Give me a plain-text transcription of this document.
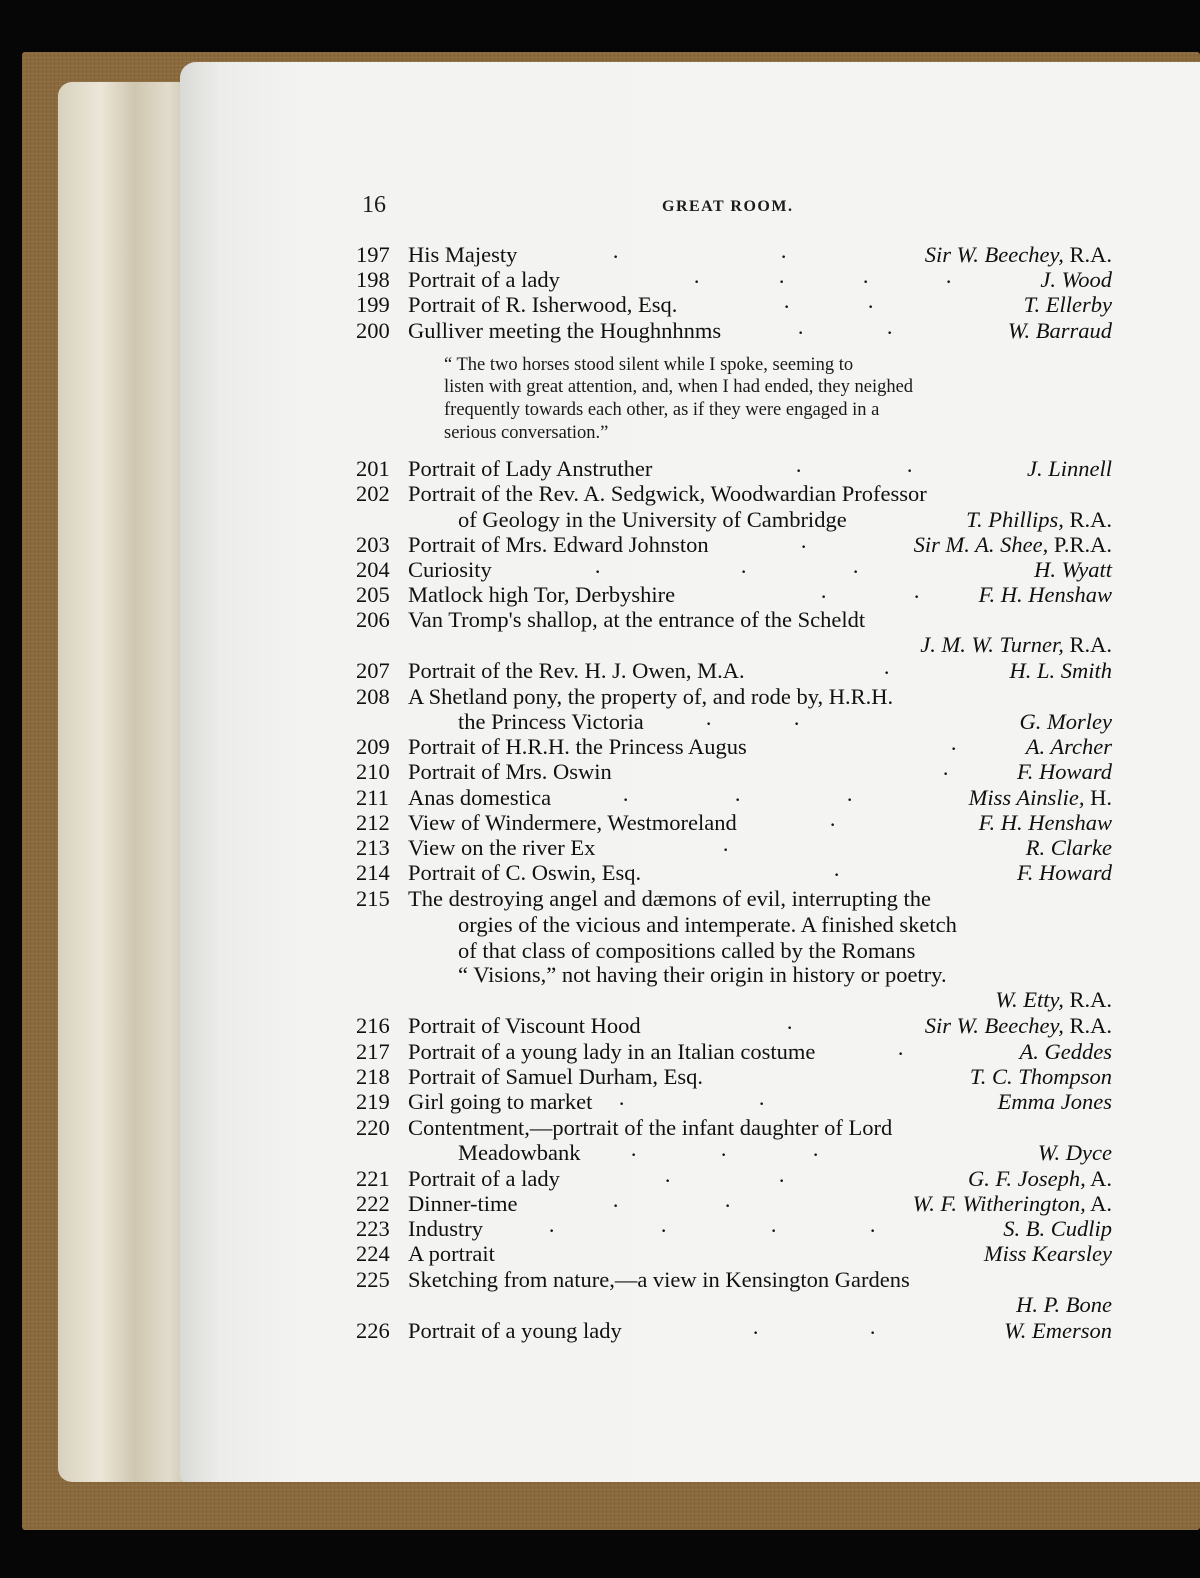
16	GREAT ROOM.
197 His Majesty	Sir W. Beechey, R.A.
198 Portrait of a lady	J. Wood
199 Portrait of R. Isherwood, Esq.	T. Ellerby
200 Gulliver meeting the Houghnhnms	W. Barraud
“ The two horses stood silent while I spoke, seeming to
listen with great attention, and, when I had ended, they neighed
frequently towards each other, as if they were engaged in a
serious conversation.”
201 Portrait of Lady Anstruther	J. Linnell
202 Portrait of the Rev. A. Sedgwick, Woodwardian Professor
of Geology in the University of Cambridge	T. Phillips, R.A.
203 Portrait of Mrs. Edward Johnston	Sir M. A. Shee, P.R.A.
204 Curiosity	H. Wyatt
205 Matlock high Tor, Derbyshire	F. H. Henshaw
206 Van Tromp's shallop, at the entrance of the Scheldt
J. M. W. Turner, R.A.
207 Portrait of the Rev. H. J. Owen, M.A.	H. L. Smith
208 A Shetland pony, the property of, and rode by, H.R.H.
the Princess Victoria	G. Morley
209 Portrait of H.R.H. the Princess Augus	A. Archer
210 Portrait of Mrs. Oswin	F. Howard
211 Anas domestica	Miss Ainslie, H.
212 View of Windermere, Westmoreland	F. H. Henshaw
213 View on the river Ex	R. Clarke
214 Portrait of C. Oswin, Esq.	F. Howard
215 The destroying angel and dæmons of evil, interrupting the
orgies of the vicious and intemperate. A finished sketch
of that class of compositions called by the Romans
“ Visions,” not having their origin in history or poetry.
W. Etty, R.A.
216 Portrait of Viscount Hood	Sir W. Beechey, R.A.
217 Portrait of a young lady in an Italian costume	A. Geddes
218 Portrait of Samuel Durham, Esq.	T. C. Thompson
219 Girl going to market	Emma Jones
220 Contentment,—portrait of the infant daughter of Lord
Meadowbank	W. Dyce
221 Portrait of a lady	G. F. Joseph, A.
222 Dinner-time	W. F. Witherington, A.
223 Industry	S. B. Cudlip
224 A portrait	Miss Kearsley
225 Sketching from nature,—a view in Kensington Gardens
H. P. Bone
226 Portrait of a young lady	W. Emerson
·	·
·	·	·	·
·	·
·	·
·	·
·
·	·	·
·	·
·
·	·
·
·
·	·	·
·
·
·
·
·
·	·
·	·	·
·	·
·	·
·	·	·	·
·	·
